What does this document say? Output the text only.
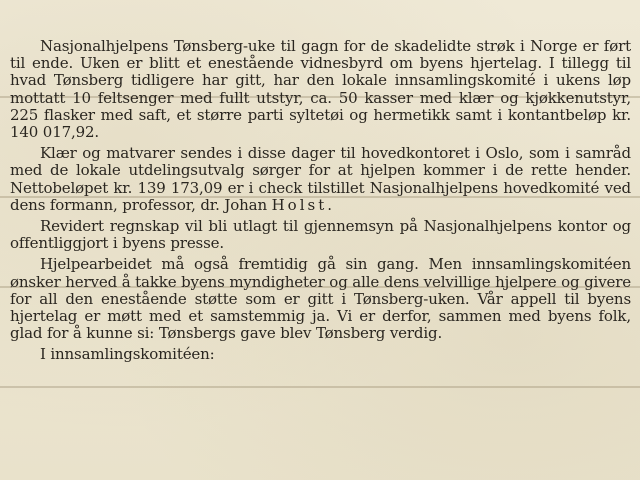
Nasjonalhjelpens Tønsberg-uke til gagn for de skadelidte strøk i Norge er ført til ende. Uken er blitt et enestående vidnesbyrd om byens hjertelag. I tillegg til hvad Tønsberg tidligere har gitt, har den lokale innsamlingskomité i ukens løp mottatt 10 feltsenger med fullt utstyr, ca. 50 kasser med klær og kjøkkenutstyr, 225 flasker med saft, et større parti syltetøi og hermetikk samt i kontantbeløp kr. 140 017,92.

Klær og matvarer sendes i disse dager til hovedkontoret i Oslo, som i samråd med de lokale utdelingsutvalg sørger for at hjelpen kommer i de rette hender. Nettobeløpet kr. 139 173,09 er i check tilstillet Nasjonalhjelpens hovedkomité ved dens formann, professor, dr. Johan Holst.

Revidert regnskap vil bli utlagt til gjennemsyn på Nasjonalhjelpens kontor og offentliggjort i byens presse.

Hjelpearbeidet må også fremtidig gå sin gang. Men innsamlingskomitéen ønsker herved å takke byens myndigheter og alle dens velvillige hjelpere og givere for all den enestående støtte som er gitt i Tønsberg-uken. Vår appell til byens hjertelag er møtt med et samstemmig ja. Vi er derfor, sammen med byens folk, glad for å kunne si: Tønsbergs gave blev Tønsberg verdig.

I innsamlingskomitéen:
